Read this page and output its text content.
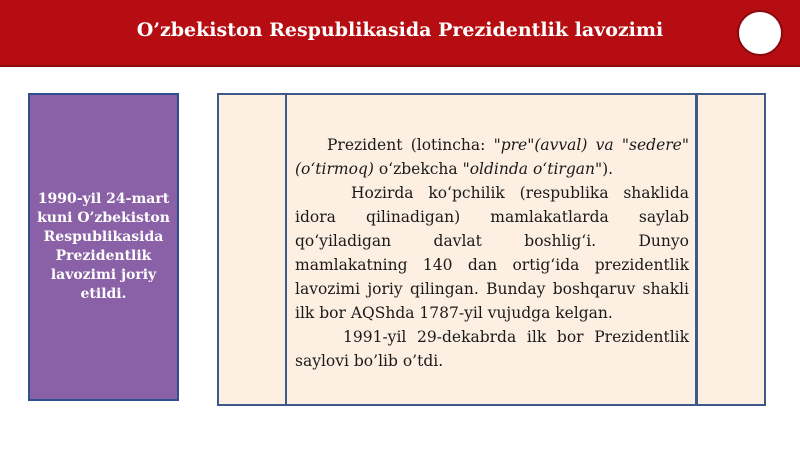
O’zbekiston Respublikasida Prezidentlik lavozimi
1990-yil 24-mart kuni O’zbekiston Respublikasida Prezidentlik lavozimi joriy etildi.

Prezident (lotincha: "pre"(avval) va "sedere" (o‘tirmoq) o‘zbekcha "oldinda o‘tirgan").

Hozirda ko‘pchilik (respublika shaklida idora qilinadigan) mamlakatlarda saylab qo‘yiladigan davlat boshlig‘i. Dunyo mamlakatning 140 dan ortig‘ida prezidentlik lavozimi joriy qilingan. Bunday boshqaruv shakli ilk bor AQShda 1787-yil vujudga kelgan.

1991-yil 29-dekabrda ilk bor Prezidentlik saylovi bo’lib o’tdi.
